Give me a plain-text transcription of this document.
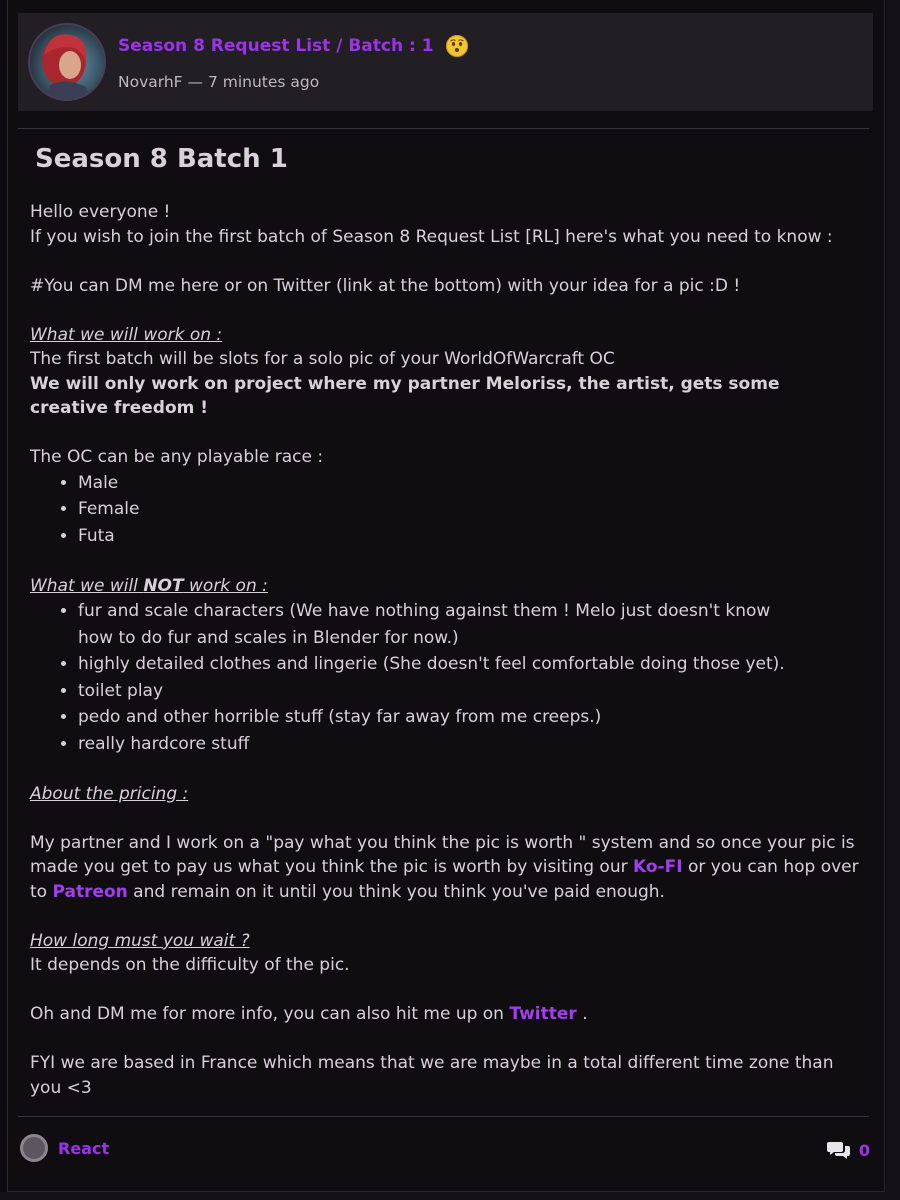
Season 8 Request List / Batch : 1
NovarhF — 7 minutes ago
Season 8 Batch 1

Hello everyone !

If you wish to join the first batch of Season 8 Request List [RL] here's what you need to know :

#You can DM me here or on Twitter (link at the bottom) with your idea for a pic :D !

What we will work on :

The first batch will be slots for a solo pic of your WorldOfWarcraft OC

We will only work on project where my partner Meloriss, the artist, gets some creative freedom !

The OC can be any playable race :

• Male
• Female
• Futa

What we will NOT work on :

• fur and scale characters (We have nothing against them ! Melo just doesn't know how to do fur and scales in Blender for now.)
• highly detailed clothes and lingerie (She doesn't feel comfortable doing those yet).
• toilet play
• pedo and other horrible stuff (stay far away from me creeps.)
• really hardcore stuff

About the pricing :

My partner and I work on a "pay what you think the pic is worth " system and so once your pic is made you get to pay us what you think the pic is worth by visiting our Ko-FI or you can hop over to Patreon and remain on it until you think you think you've paid enough.

How long must you wait ?

It depends on the difficulty of the pic.

Oh and DM me for more info, you can also hit me up on Twitter .

FYI we are based in France which means that we are maybe in a total different time zone than you <3

React	0
